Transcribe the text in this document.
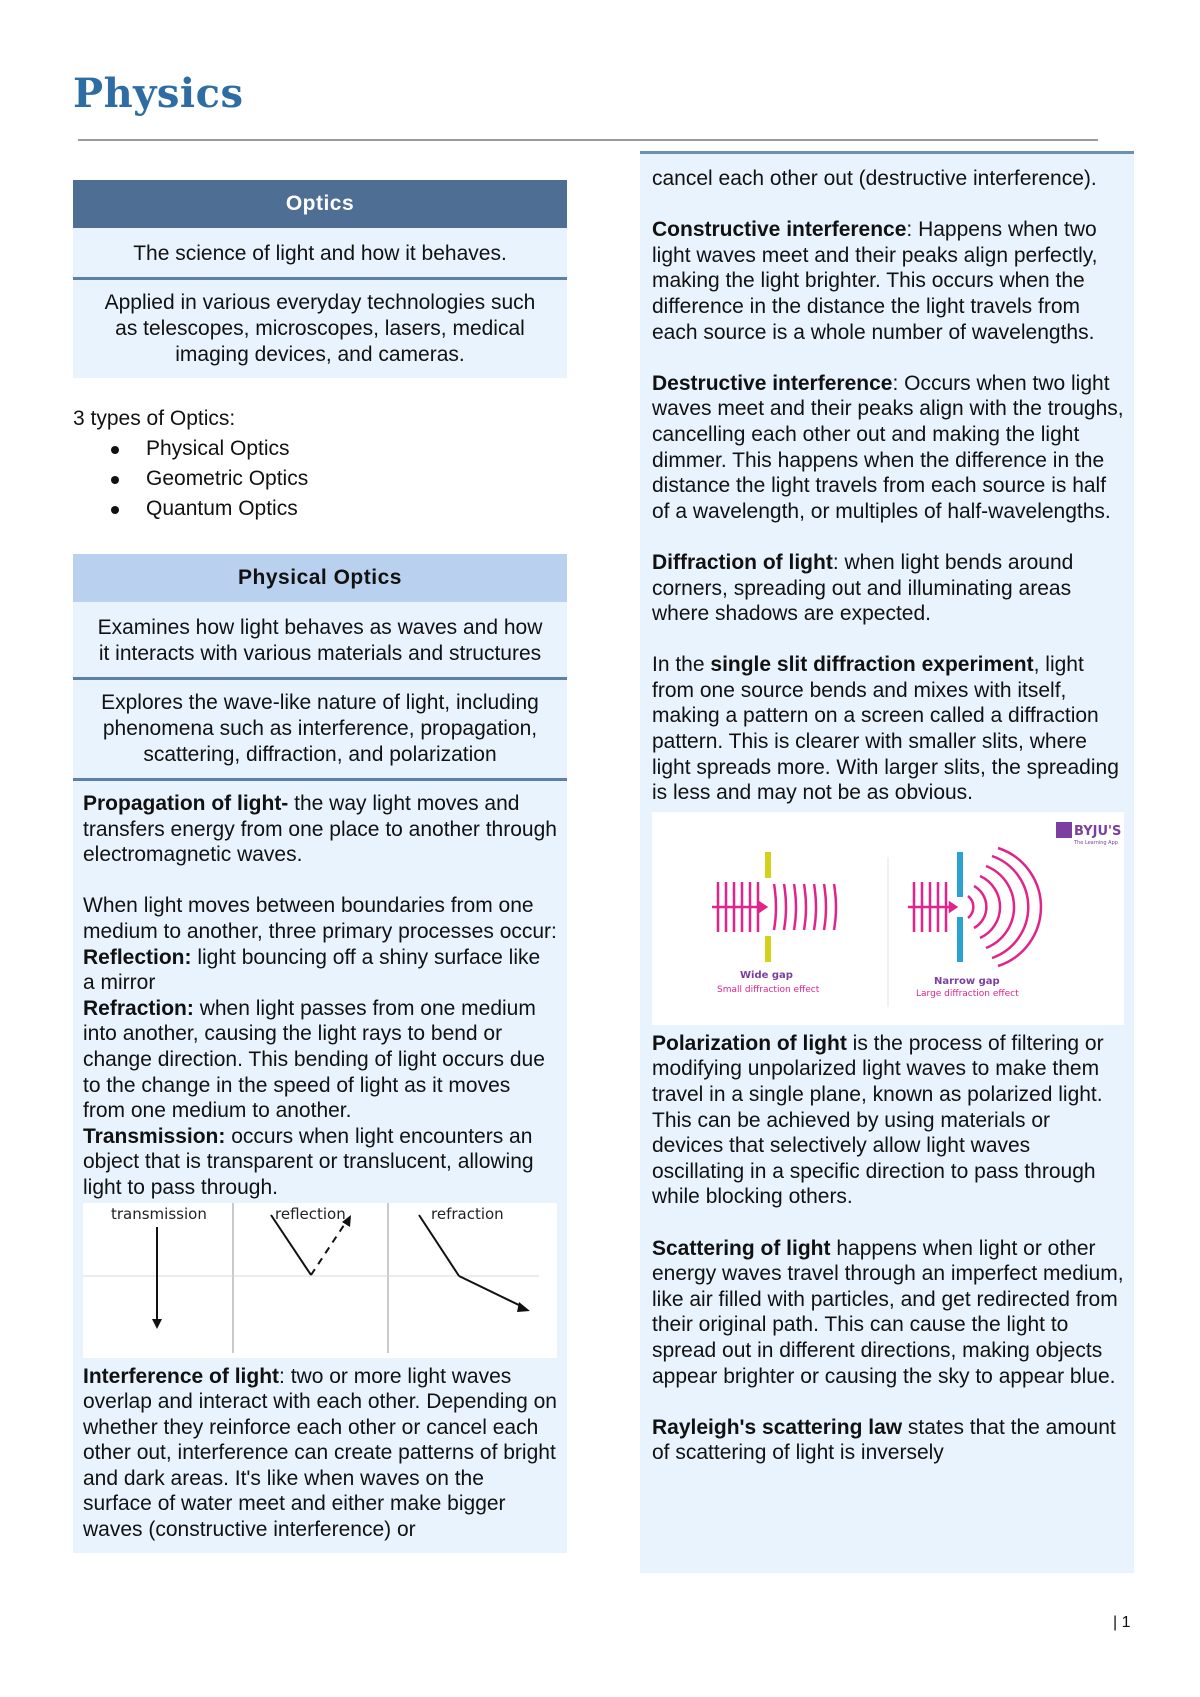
Physics
Optics
The science of light and how it behaves.
Applied in various everyday technologies such as telescopes, microscopes, lasers, medical imaging devices, and cameras.
3 types of Optics:
Physical Optics
Geometric Optics
Quantum Optics
Physical Optics
Examines how light behaves as waves and how it interacts with various materials and structures
Explores the wave-like nature of light, including phenomena such as interference, propagation, scattering, diffraction, and polarization

Propagation of light- the way light moves and transfers energy from one place to another through electromagnetic waves.

When light moves between boundaries from one medium to another, three primary processes occur:

Reflection: light bouncing off a shiny surface like a mirror

Refraction: when light passes from one medium into another, causing the light rays to bend or change direction. This bending of light occurs due to the change in the speed of light as it moves from one medium to another.

Transmission: occurs when light encounters an object that is transparent or translucent, allowing light to pass through.

transmission	reflection	refraction

Interference of light: two or more light waves overlap and interact with each other. Depending on whether they reinforce each other or cancel each other out, interference can create patterns of bright and dark areas. It's like when waves on the surface of water meet and either make bigger waves (constructive interference) or

cancel each other out (destructive interference).

Constructive interference: Happens when two light waves meet and their peaks align perfectly, making the light brighter. This occurs when the difference in the distance the light travels from each source is a whole number of wavelengths.

Destructive interference: Occurs when two light waves meet and their peaks align with the troughs, cancelling each other out and making the light dimmer. This happens when the difference in the distance the light travels from each source is half of a wavelength, or multiples of half-wavelengths.

Diffraction of light: when light bends around corners, spreading out and illuminating areas where shadows are expected.

In the single slit diffraction experiment, light from one source bends and mixes with itself, making a pattern on a screen called a diffraction pattern. This is clearer with smaller slits, where light spreads more. With larger slits, the spreading is less and may not be as obvious.

BYJU'S
The Learning App
Wide gap
Small diffraction effect
Narrow gap
Large diffraction effect

Polarization of light is the process of filtering or modifying unpolarized light waves to make them travel in a single plane, known as polarized light. This can be achieved by using materials or devices that selectively allow light waves oscillating in a specific direction to pass through while blocking others.

Scattering of light happens when light or other energy waves travel through an imperfect medium, like air filled with particles, and get redirected from their original path. This can cause the light to spread out in different directions, making objects appear brighter or causing the sky to appear blue.

Rayleigh's scattering law states that the amount of scattering of light is inversely

| 1
